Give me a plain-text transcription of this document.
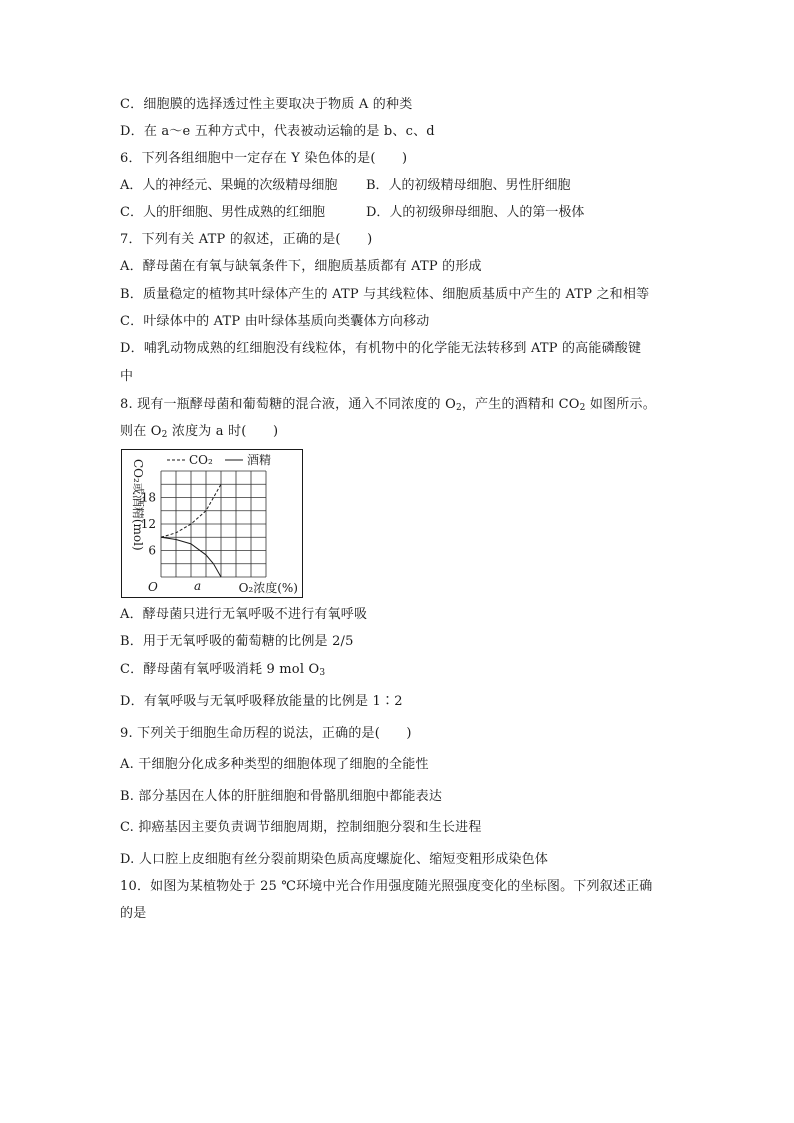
C．细胞膜的选择透过性主要取决于物质 A 的种类
D．在 a～e 五种方式中，代表被动运输的是 b、c、d
6．下列各组细胞中一定存在 Y 染色体的是(　　)
A．人的神经元、果蝇的次级精母细胞 B．人的初级精母细胞、男性肝细胞
C．人的肝细胞、男性成熟的红细胞	D．人的初级卵母细胞、人的第一极体
7．下列有关 ATP 的叙述，正确的是(　　)
A．酵母菌在有氧与缺氧条件下，细胞质基质都有 ATP 的形成
B．质量稳定的植物其叶绿体产生的 ATP 与其线粒体、细胞质基质中产生的 ATP 之和相等
C．叶绿体中的 ATP 由叶绿体基质向类囊体方向移动
D．哺乳动物成熟的红细胞没有线粒体，有机物中的化学能无法转移到 ATP 的高能磷酸键
中
8. 现有一瓶酵母菌和葡萄糖的混合液，通入不同浓度的 $O_2$，产生的酒精和 $CO_2$ 如图所示。
则在 $O_2$ 浓度为 a 时(　　)
6
12
18
O	a	O₂浓度(%)
CO₂或酒精(mol)	CO₂	酒精
A．酵母菌只进行无氧呼吸不进行有氧呼吸
B．用于无氧呼吸的葡萄糖的比例是 2/5
C．酵母菌有氧呼吸消耗 9 mol $O_3$
D．有氧呼吸与无氧呼吸释放能量的比例是 1∶2
9. 下列关于细胞生命历程的说法，正确的是(　　)
A. 干细胞分化成多种类型的细胞体现了细胞的全能性
B. 部分基因在人体的肝脏细胞和骨骼肌细胞中都能表达
C. 抑癌基因主要负责调节细胞周期，控制细胞分裂和生长进程
D. 人口腔上皮细胞有丝分裂前期染色质高度螺旋化、缩短变粗形成染色体
10．如图为某植物处于 25 ℃环境中光合作用强度随光照强度变化的坐标图。下列叙述正确
的是
